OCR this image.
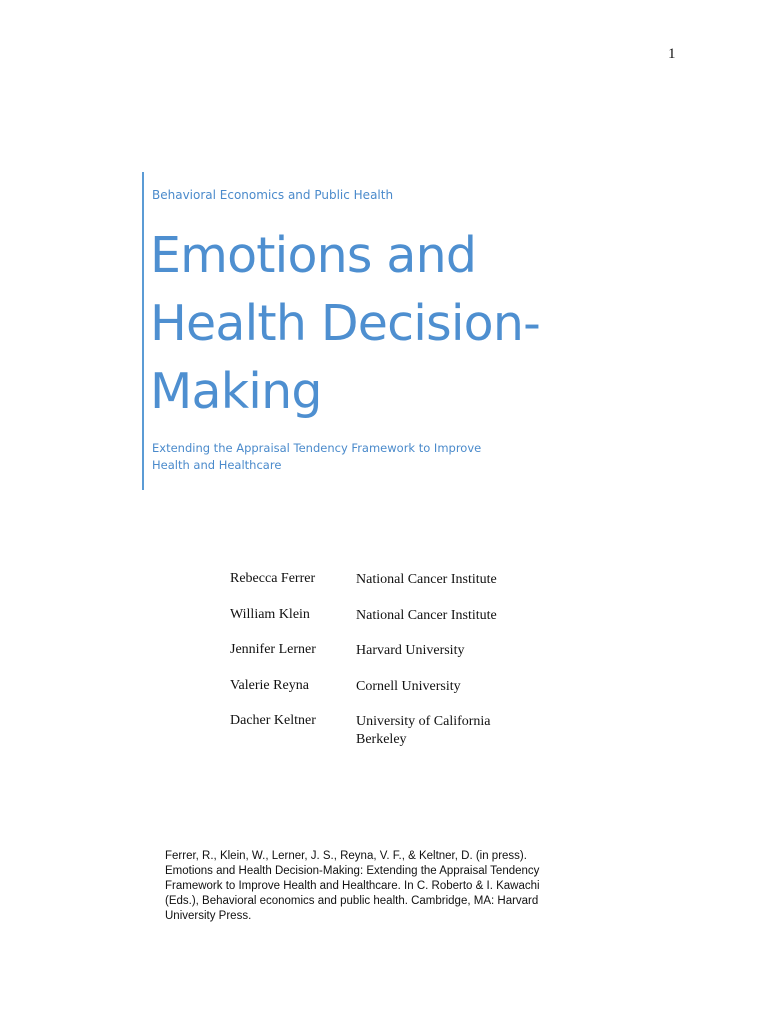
1
Behavioral Economics and Public Health
Emotions and
Health Decision-
Making
Extending the Appraisal Tendency Framework to Improve
Health and Healthcare
Rebecca Ferrer	National Cancer Institute
William Klein	National Cancer Institute
Jennifer Lerner	Harvard University
Valerie Reyna	Cornell University
Dacher Keltner	University of California Berkeley
Ferrer, R., Klein, W., Lerner, J. S., Reyna, V. F., & Keltner, D. (in press).
Emotions and Health Decision-Making: Extending the Appraisal Tendency
Framework to Improve Health and Healthcare. In C. Roberto & I. Kawachi
(Eds.), Behavioral economics and public health. Cambridge, MA: Harvard
University Press.
